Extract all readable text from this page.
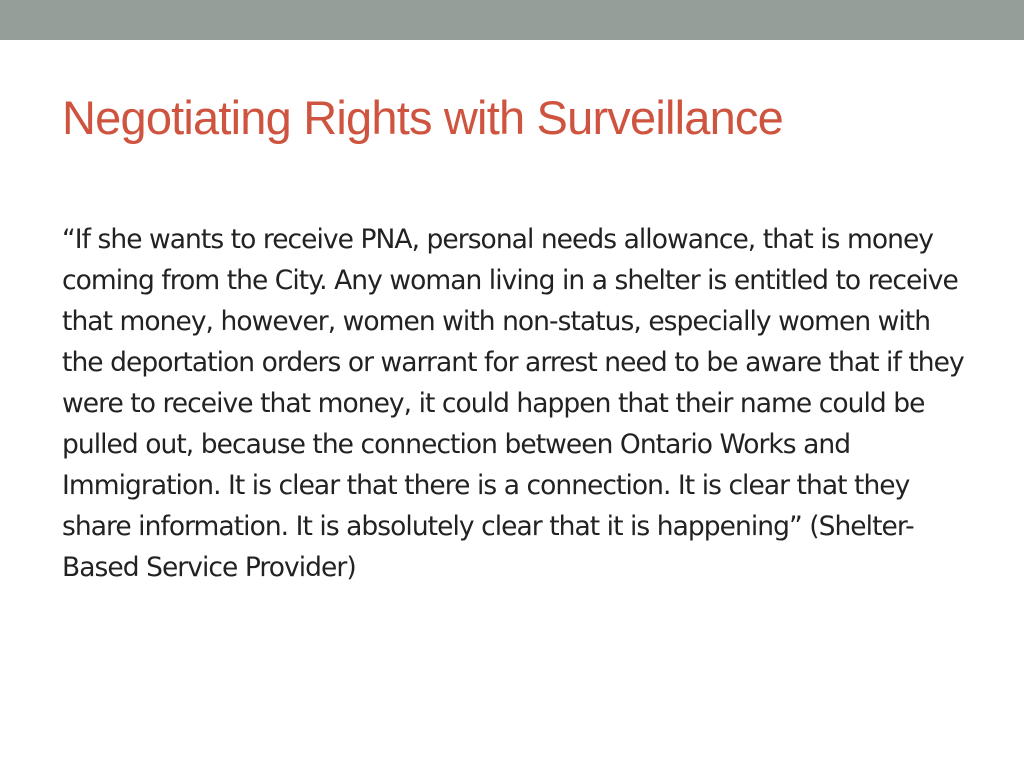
Negotiating Rights with Surveillance

“If she wants to receive PNA, personal needs allowance, that is money coming from the City. Any woman living in a shelter is entitled to receive that money, however, women with non-status, especially women with the deportation orders or warrant for arrest need to be aware that if they were to receive that money, it could happen that their name could be pulled out, because the connection between Ontario Works and Immigration. It is clear that there is a connection. It is clear that they share information. It is absolutely clear that it is happening” (Shelter-Based Service Provider)
